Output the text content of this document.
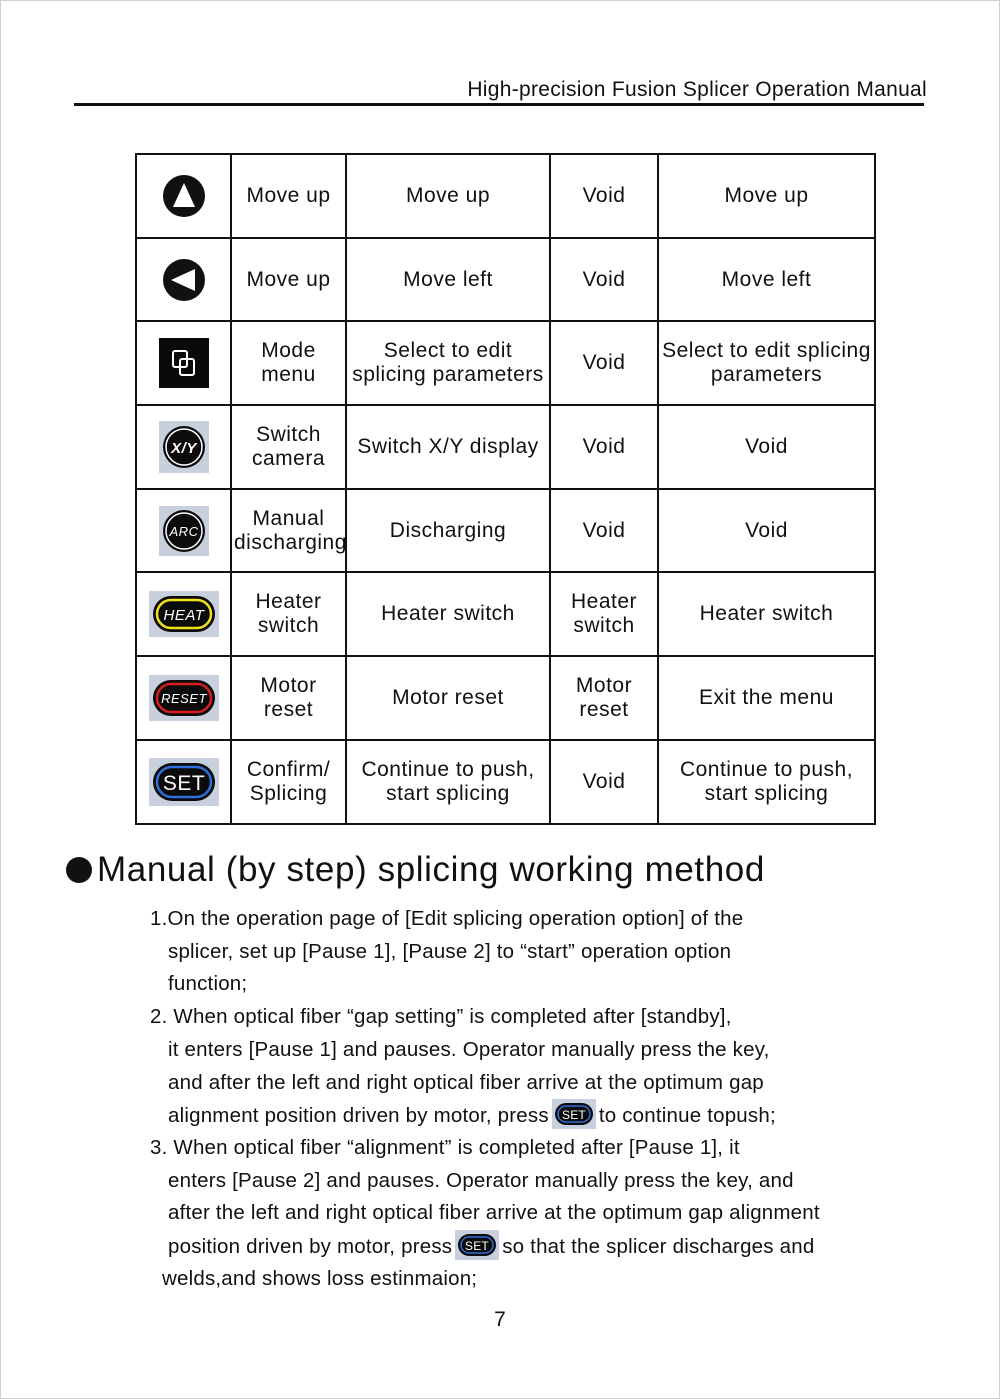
High-precision Fusion Splicer Operation Manual
	Move up	Move up	Void	Move up
	Move up	Move left	Void	Move left
	Mode menu	Select to edit splicing parameters	Void	Select to edit splicing parameters

X/Y	Switch camera	Switch X/Y display	Void	Void

ARC	Manual discharging	Discharging	Void	Void

HEAT	Heater switch	Heater switch	Heater switch	Heater switch

RESET	Motor reset	Motor reset	Motor reset	Exit the menu

SET	Confirm/ Splicing	Continue to push, start splicing	Void	Continue to push, start splicing
Manual (by step) splicing working method
1.On the operation page of [Edit splicing operation option] of the
splicer, set up [Pause 1], [Pause 2] to “start” operation option
function;
2. When optical fiber “gap setting” is completed after [standby],
it enters [Pause 1] and pauses. Operator manually press the key,
and after the left and right optical fiber arrive at the optimum gap
alignment position driven by motor, press SET to continue topush;
3. When optical fiber “alignment” is completed after [Pause 1], it
enters [Pause 2] and pauses. Operator manually press the key, and
after the left and right optical fiber arrive at the optimum gap alignment
position driven by motor, press SET so that the splicer discharges and
welds,and shows loss estinmaion;
7
